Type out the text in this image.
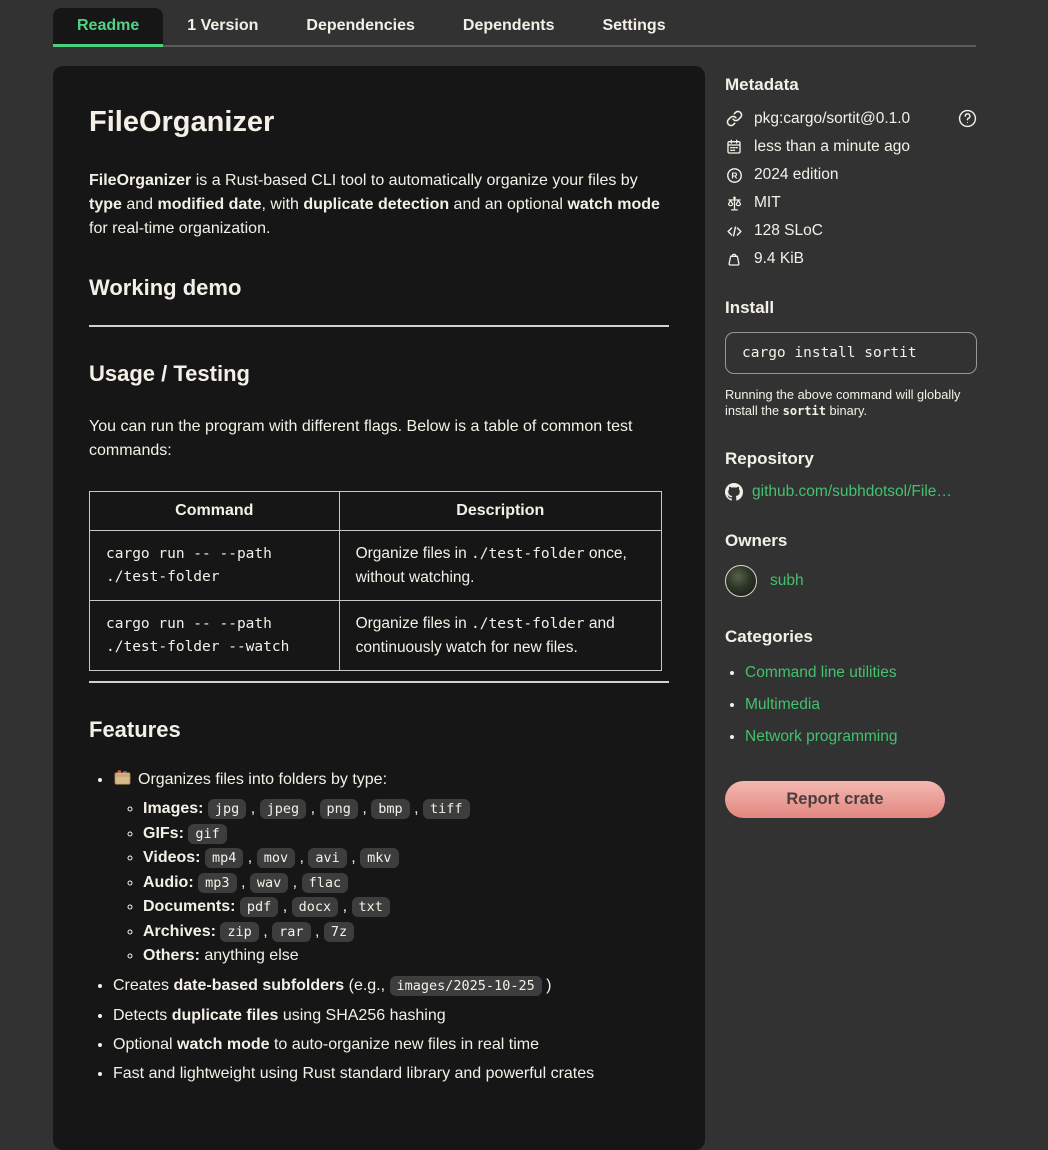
Readme	1 Version	Dependencies	Dependents	Settings
FileOrganizer

FileOrganizer is a Rust-based CLI tool to automatically organize your files by type and modified date, with duplicate detection and an optional watch mode for real-time organization.

Working demo
Usage / Testing

You can run the program with different flags. Below is a table of common test commands:

Command	Description
cargo run -- --path ./test-folder	Organize files in ./test-folder once, without watching.
cargo run -- --path ./test-folder --watch	Organize files in ./test-folder and continuously watch for new files.
Features
• Organizes files into folders by type:
◦ Images: jpg , jpeg , png , bmp , tiff
◦ GIFs: gif
◦ Videos: mp4 , mov , avi , mkv
◦ Audio: mp3 , wav , flac
◦ Documents: pdf , docx , txt
◦ Archives: zip , rar , 7z
◦ Others: anything else
• Creates date-based subfolders (e.g., images/2025-10-25 )
• Detects duplicate files using SHA256 hashing
• Optional watch mode to auto-organize new files in real time
• Fast and lightweight using Rust standard library and powerful crates
Metadata
pkg:cargo/sortit@0.1.0
less than a minute ago
R 2024 edition
MIT
128 SLoC
9.4 KiB
Install
cargo install sortit

Running the above command will globally install the sortit binary.

Repository
github.com/subhdotsol/File…
Owners
subh
Categories
• Command line utilities
• Multimedia
• Network programming
Report crate
